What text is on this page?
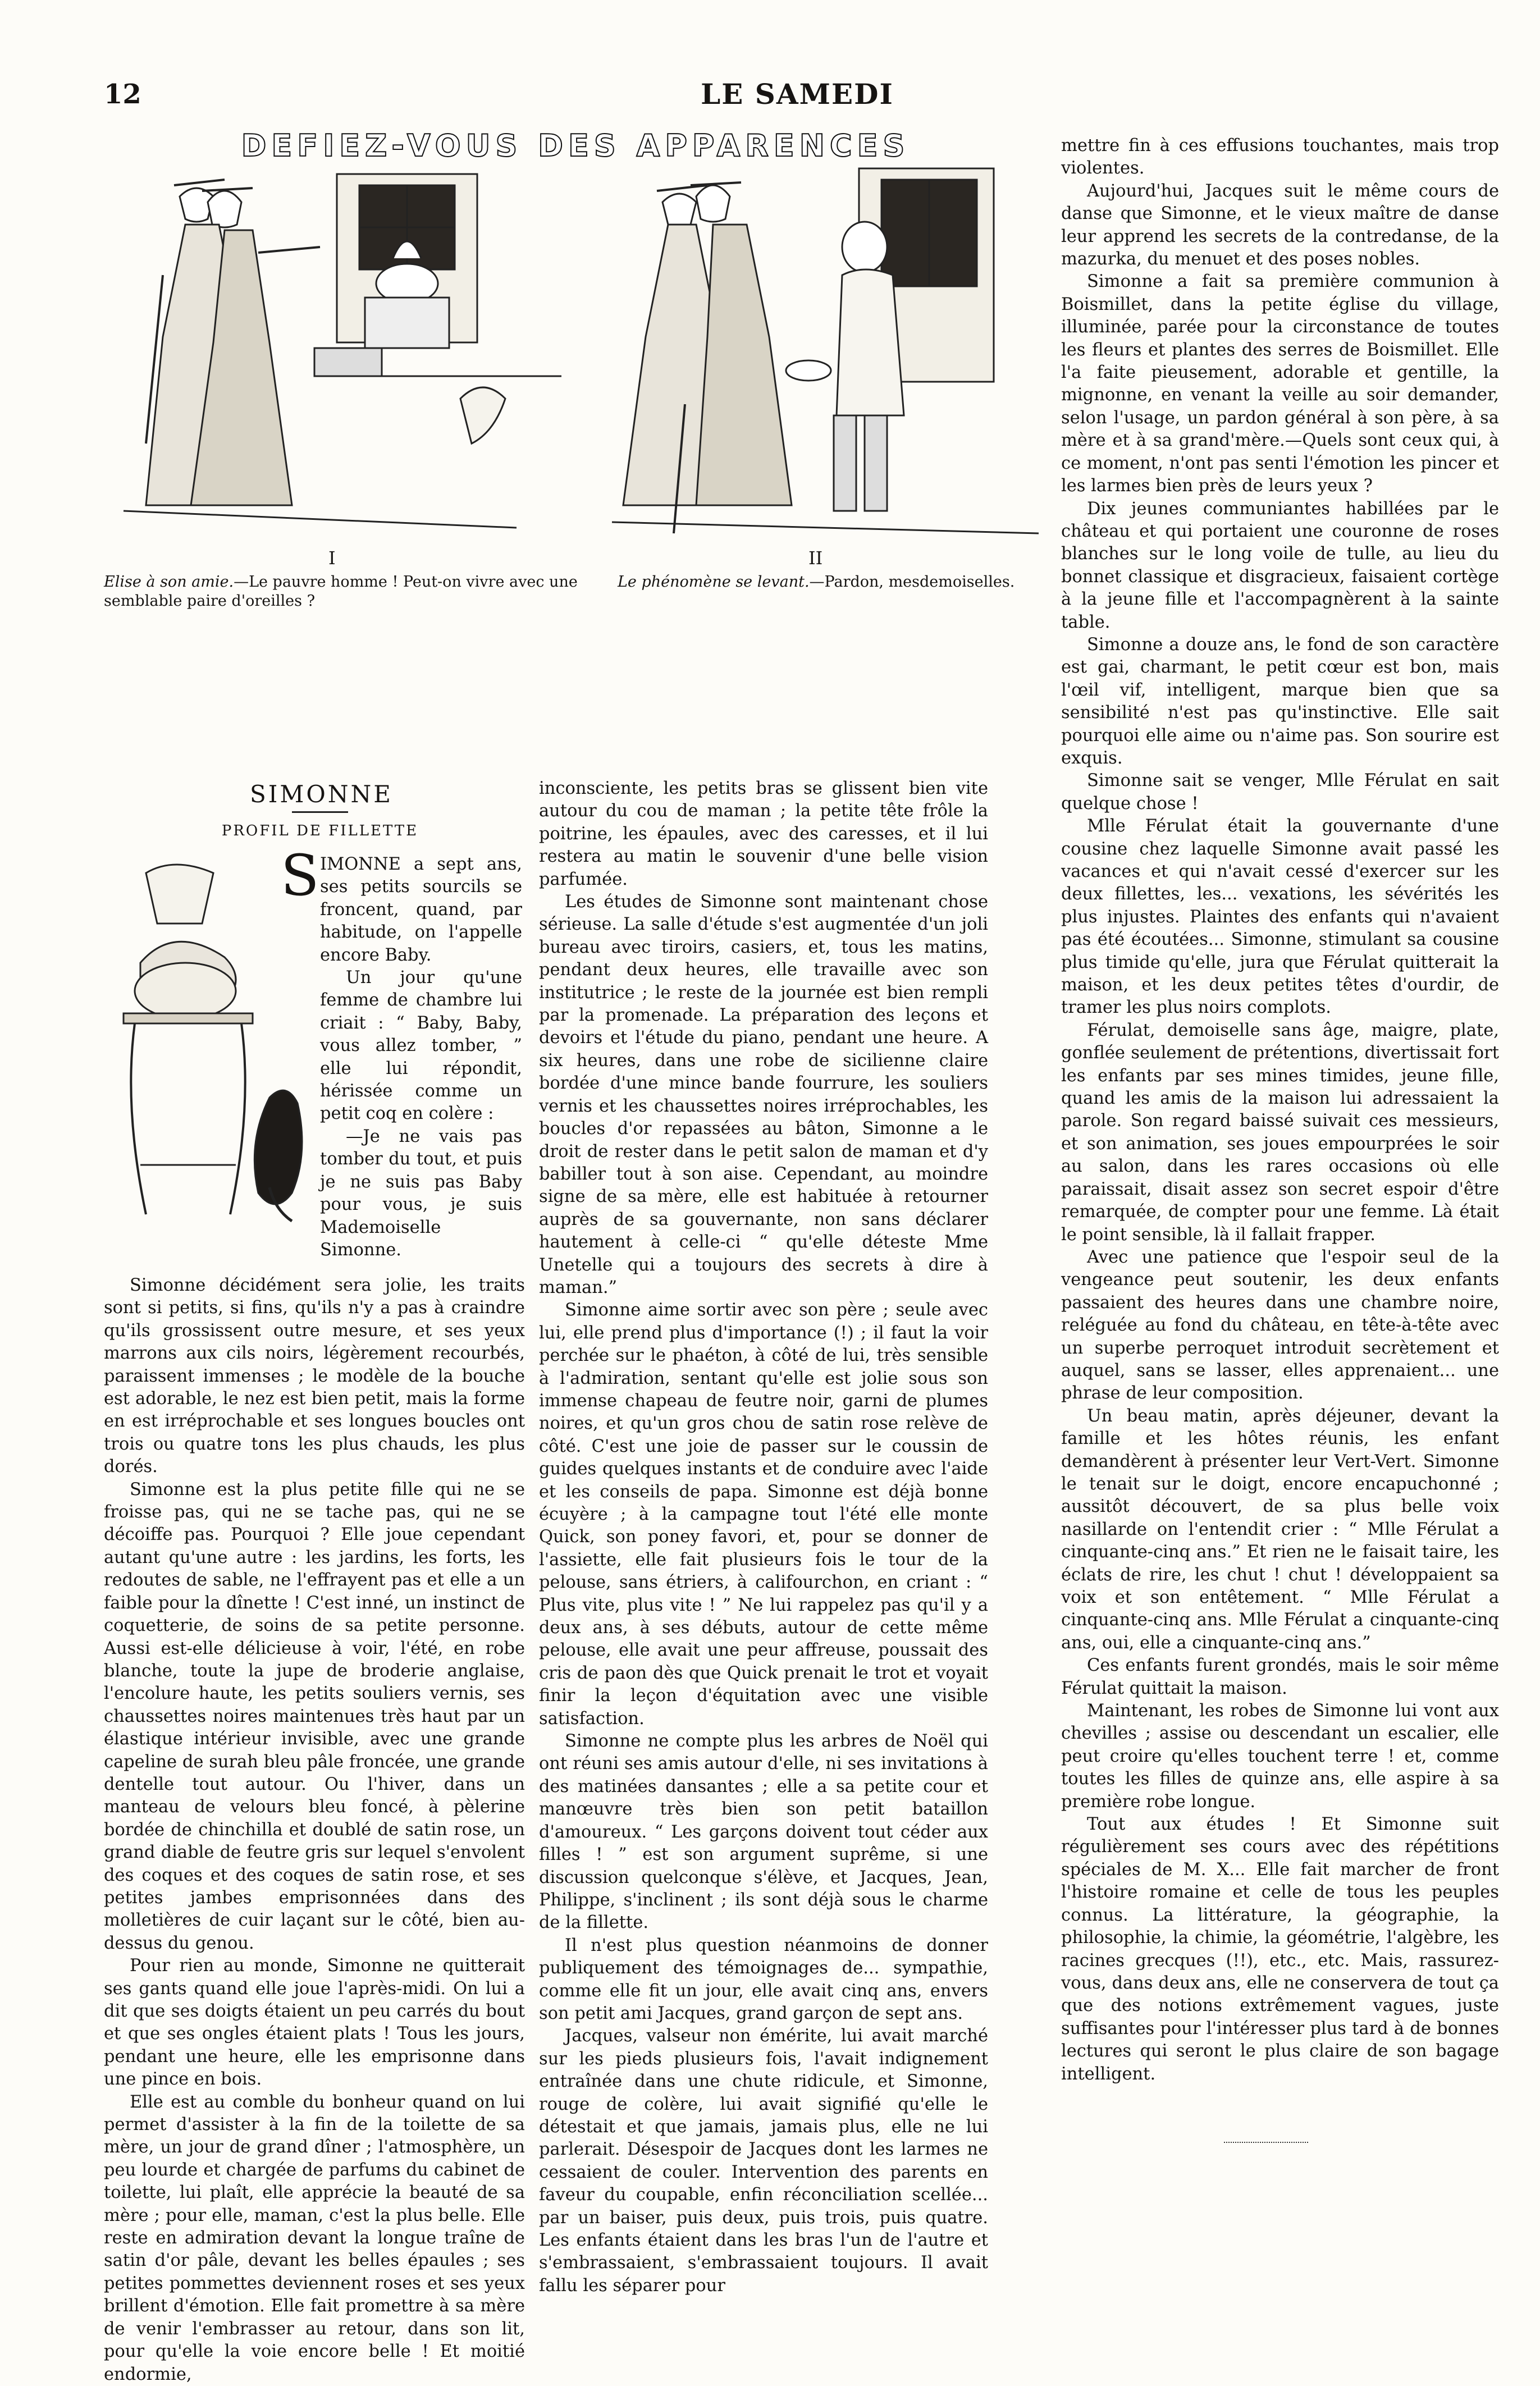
12	LE SAMEDI
DEFIEZ-VOUS DES APPARENCES
I
Elise à son amie.—Le pauvre homme ! Peut-on vivre avec une semblable paire d'oreilles ?
II
Le phénomène se levant.—Pardon, mesdemoiselles.
SIMONNE
PROFIL DE FILLETTE

SIMONNE a sept ans, ses petits sourcils se froncent, quand, par habitude, on l'appelle encore Baby.

Un jour qu'une femme de chambre lui criait : “ Baby, Baby, vous allez tomber, ” elle lui répondit, hérissée comme un petit coq en colère :

—Je ne vais pas tomber du tout, et puis je ne suis pas Baby pour vous, je suis Mademoiselle Simonne.

Simonne décidément sera jolie, les traits sont si petits, si fins, qu'ils n'y a pas à craindre qu'ils grossissent outre mesure, et ses yeux marrons aux cils noirs, légèrement recourbés, paraissent immenses ; le modèle de la bouche est adorable, le nez est bien petit, mais la forme en est irréprochable et ses longues boucles ont trois ou quatre tons les plus chauds, les plus dorés.

Simonne est la plus petite fille qui ne se froisse pas, qui ne se tache pas, qui ne se décoiffe pas. Pourquoi ? Elle joue cependant autant qu'une autre : les jardins, les forts, les redoutes de sable, ne l'effrayent pas et elle a un faible pour la dînette ! C'est inné, un instinct de coquetterie, de soins de sa petite personne. Aussi est-elle délicieuse à voir, l'été, en robe blanche, toute la jupe de broderie anglaise, l'encolure haute, les petits souliers vernis, ses chaussettes noires maintenues très haut par un élastique intérieur invisible, avec une grande capeline de surah bleu pâle froncée, une grande dentelle tout autour. Ou l'hiver, dans un manteau de velours bleu foncé, à pèlerine bordée de chinchilla et doublé de satin rose, un grand diable de feutre gris sur lequel s'envolent des coques et des coques de satin rose, et ses petites jambes emprisonnées dans des molletières de cuir laçant sur le côté, bien au-dessus du genou.

Pour rien au monde, Simonne ne quitterait ses gants quand elle joue l'après-midi. On lui a dit que ses doigts étaient un peu carrés du bout et que ses ongles étaient plats ! Tous les jours, pendant une heure, elle les emprisonne dans une pince en bois.

Elle est au comble du bonheur quand on lui permet d'assister à la fin de la toilette de sa mère, un jour de grand dîner ; l'atmosphère, un peu lourde et chargée de parfums du cabinet de toilette, lui plaît, elle apprécie la beauté de sa mère ; pour elle, maman, c'est la plus belle. Elle reste en admiration devant la longue traîne de satin d'or pâle, devant les belles épaules ; ses petites pommettes deviennent roses et ses yeux brillent d'émotion. Elle fait promettre à sa mère de venir l'embrasser au retour, dans son lit, pour qu'elle la voie encore belle ! Et moitié endormie,

inconsciente, les petits bras se glissent bien vite autour du cou de maman ; la petite tête frôle la poitrine, les épaules, avec des caresses, et il lui restera au matin le souvenir d'une belle vision parfumée.

Les études de Simonne sont maintenant chose sérieuse. La salle d'étude s'est augmentée d'un joli bureau avec tiroirs, casiers, et, tous les matins, pendant deux heures, elle travaille avec son institutrice ; le reste de la journée est bien rempli par la promenade. La préparation des leçons et devoirs et l'étude du piano, pendant une heure. A six heures, dans une robe de sicilienne claire bordée d'une mince bande fourrure, les souliers vernis et les chaussettes noires irréprochables, les boucles d'or repassées au bâton, Simonne a le droit de rester dans le petit salon de maman et d'y babiller tout à son aise. Cependant, au moindre signe de sa mère, elle est habituée à retourner auprès de sa gouvernante, non sans déclarer hautement à celle-ci “ qu'elle déteste Mme Unetelle qui a toujours des secrets à dire à maman.”

Simonne aime sortir avec son père ; seule avec lui, elle prend plus d'importance (!) ; il faut la voir perchée sur le phaéton, à côté de lui, très sensible à l'admiration, sentant qu'elle est jolie sous son immense chapeau de feutre noir, garni de plumes noires, et qu'un gros chou de satin rose relève de côté. C'est une joie de passer sur le coussin de guides quelques instants et de conduire avec l'aide et les conseils de papa. Simonne est déjà bonne écuyère ; à la campagne tout l'été elle monte Quick, son poney favori, et, pour se donner de l'assiette, elle fait plusieurs fois le tour de la pelouse, sans étriers, à califourchon, en criant : “ Plus vite, plus vite ! ” Ne lui rappelez pas qu'il y a deux ans, à ses débuts, autour de cette même pelouse, elle avait une peur affreuse, poussait des cris de paon dès que Quick prenait le trot et voyait finir la leçon d'équitation avec une visible satisfaction.

Simonne ne compte plus les arbres de Noël qui ont réuni ses amis autour d'elle, ni ses invitations à des matinées dansantes ; elle a sa petite cour et manœuvre très bien son petit bataillon d'amoureux. “ Les garçons doivent tout céder aux filles ! ” est son argument suprême, si une discussion quelconque s'élève, et Jacques, Jean, Philippe, s'inclinent ; ils sont déjà sous le charme de la fillette.

Il n'est plus question néanmoins de donner publiquement des témoignages de... sympathie, comme elle fit un jour, elle avait cinq ans, envers son petit ami Jacques, grand garçon de sept ans.

Jacques, valseur non émérite, lui avait marché sur les pieds plusieurs fois, l'avait indignement entraînée dans une chute ridicule, et Simonne, rouge de colère, lui avait signifié qu'elle le détestait et que jamais, jamais plus, elle ne lui parlerait. Désespoir de Jacques dont les larmes ne cessaient de couler. Intervention des parents en faveur du coupable, enfin réconciliation scellée... par un baiser, puis deux, puis trois, puis quatre. Les enfants étaient dans les bras l'un de l'autre et s'embrassaient, s'embrassaient toujours. Il avait fallu les séparer pour

mettre fin à ces effusions touchantes, mais trop violentes.

Aujourd'hui, Jacques suit le même cours de danse que Simonne, et le vieux maître de danse leur apprend les secrets de la contredanse, de la mazurka, du menuet et des poses nobles.

Simonne a fait sa première communion à Boismillet, dans la petite église du village, illuminée, parée pour la circonstance de toutes les fleurs et plantes des serres de Boismillet. Elle l'a faite pieusement, adorable et gentille, la mignonne, en venant la veille au soir demander, selon l'usage, un pardon général à son père, à sa mère et à sa grand'mère.—Quels sont ceux qui, à ce moment, n'ont pas senti l'émotion les pincer et les larmes bien près de leurs yeux ?

Dix jeunes communiantes habillées par le château et qui portaient une couronne de roses blanches sur le long voile de tulle, au lieu du bonnet classique et disgracieux, faisaient cortège à la jeune fille et l'accompagnèrent à la sainte table.

Simonne a douze ans, le fond de son caractère est gai, charmant, le petit cœur est bon, mais l'œil vif, intelligent, marque bien que sa sensibilité n'est pas qu'instinctive. Elle sait pourquoi elle aime ou n'aime pas. Son sourire est exquis.

Simonne sait se venger, Mlle Férulat en sait quelque chose !

Mlle Férulat était la gouvernante d'une cousine chez laquelle Simonne avait passé les vacances et qui n'avait cessé d'exercer sur les deux fillettes, les... vexations, les sévérités les plus injustes. Plaintes des enfants qui n'avaient pas été écoutées... Simonne, stimulant sa cousine plus timide qu'elle, jura que Férulat quitterait la maison, et les deux petites têtes d'ourdir, de tramer les plus noirs complots.

Férulat, demoiselle sans âge, maigre, plate, gonflée seulement de prétentions, divertissait fort les enfants par ses mines timides, jeune fille, quand les amis de la maison lui adressaient la parole. Son regard baissé suivait ces messieurs, et son animation, ses joues empourprées le soir au salon, dans les rares occasions où elle paraissait, disait assez son secret espoir d'être remarquée, de compter pour une femme. Là était le point sensible, là il fallait frapper.

Avec une patience que l'espoir seul de la vengeance peut soutenir, les deux enfants passaient des heures dans une chambre noire, reléguée au fond du château, en tête-à-tête avec un superbe perroquet introduit secrètement et auquel, sans se lasser, elles apprenaient... une phrase de leur composition.

Un beau matin, après déjeuner, devant la famille et les hôtes réunis, les enfant demandèrent à présenter leur Vert-Vert. Simonne le tenait sur le doigt, encore encapuchonné ; aussitôt découvert, de sa plus belle voix nasillarde on l'entendit crier : “ Mlle Férulat a cinquante-cinq ans.” Et rien ne le faisait taire, les éclats de rire, les chut ! chut ! développaient sa voix et son entêtement. “ Mlle Férulat a cinquante-cinq ans. Mlle Férulat a cinquante-cinq ans, oui, elle a cinquante-cinq ans.”

Ces enfants furent grondés, mais le soir même Férulat quittait la maison.

Maintenant, les robes de Simonne lui vont aux chevilles ; assise ou descendant un escalier, elle peut croire qu'elles touchent terre ! et, comme toutes les filles de quinze ans, elle aspire à sa première robe longue.

Tout aux études ! Et Simonne suit régulièrement ses cours avec des répétitions spéciales de M. X... Elle fait marcher de front l'histoire romaine et celle de tous les peuples connus. La littérature, la géographie, la philosophie, la chimie, la géométrie, l'algèbre, les racines grecques (!!), etc., etc. Mais, rassurez-vous, dans deux ans, elle ne conservera de tout ça que des notions extrêmement vagues, juste suffisantes pour l'intéresser plus tard à de bonnes lectures qui seront le plus claire de son bagage intelligent.
